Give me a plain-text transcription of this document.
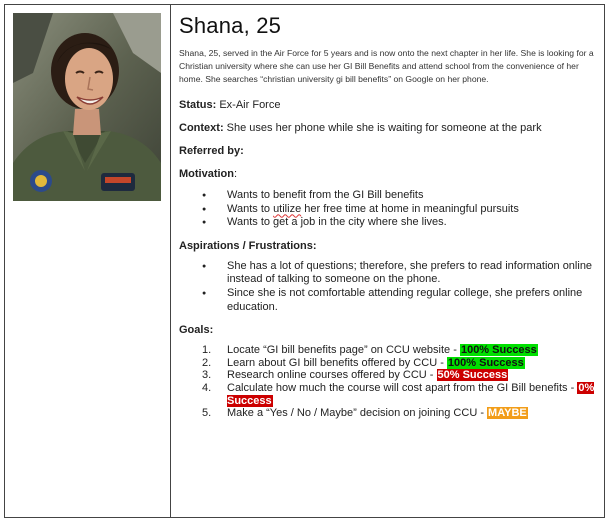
Shana, 25

Shana, 25, served in the Air Force for 5 years and is now onto the next chapter in her life. She is looking for a Christian university where she can use her GI Bill Benefits and attend school from the convenience of her home. She searches “christian university gi bill benefits” on Google on her phone.

Status: Ex-Air Force

Context: She uses her phone while she is waiting for someone at the park

Referred by:

Motivation:

● Wants to benefit from the GI Bill benefits
● Wants to utilize her free time at home in meaningful pursuits
● Wants to get a job in the city where she lives.
Aspirations / Frustrations:
● She has a lot of questions; therefore, she prefers to read information online instead of talking to someone on the phone.
● Since she is not comfortable attending regular college, she prefers online education.
Goals:
1. Locate “GI bill benefits page” on CCU website - 100% Success
2. Learn about GI bill benefits offered by CCU - 100% Success
3. Research online courses offered by CCU - 50% Success
4. Calculate how much the course will cost apart from the GI Bill benefits - 0% Success
5. Make a “Yes / No / Maybe” decision on joining CCU - MAYBE
